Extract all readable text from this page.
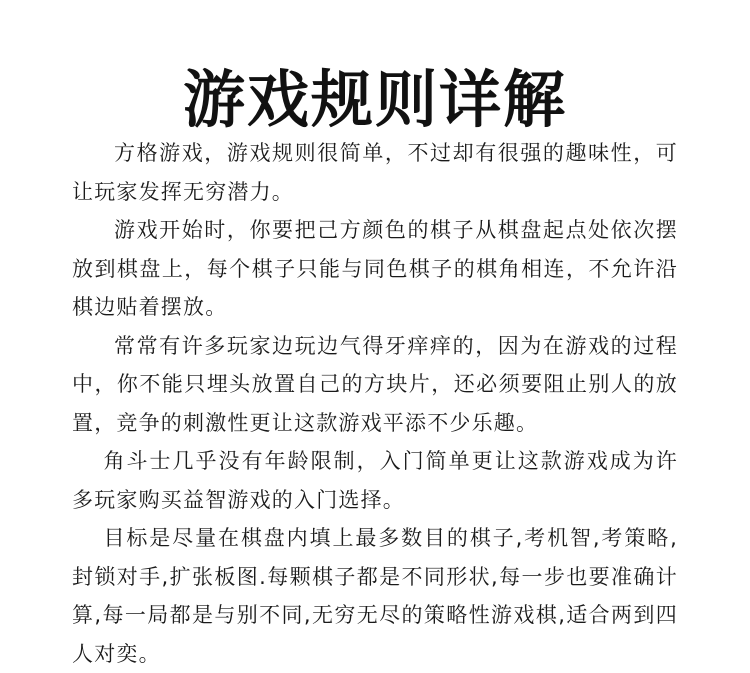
游戏规则详解

方格游戏，游戏规则很简单，不过却有很强的趣味性，可让玩家发挥无穷潜力。

游戏开始时，你要把己方颜色的棋子从棋盘起点处依次摆放到棋盘上，每个棋子只能与同色棋子的棋角相连，不允许沿棋边贴着摆放。

常常有许多玩家边玩边气得牙痒痒的，因为在游戏的过程中，你不能只埋头放置自己的方块片，还必须要阻止别人的放置，竞争的刺激性更让这款游戏平添不少乐趣。

角斗士几乎没有年龄限制，入门简单更让这款游戏成为许多玩家购买益智游戏的入门选择。

目标是尽量在棋盘内填上最多数目的棋子,考机智,考策略,封锁对手,扩张板图.每颗棋子都是不同形状,每一步也要准确计算,每一局都是与别不同,无穷无尽的策略性游戏棋,适合两到四人对奕。
